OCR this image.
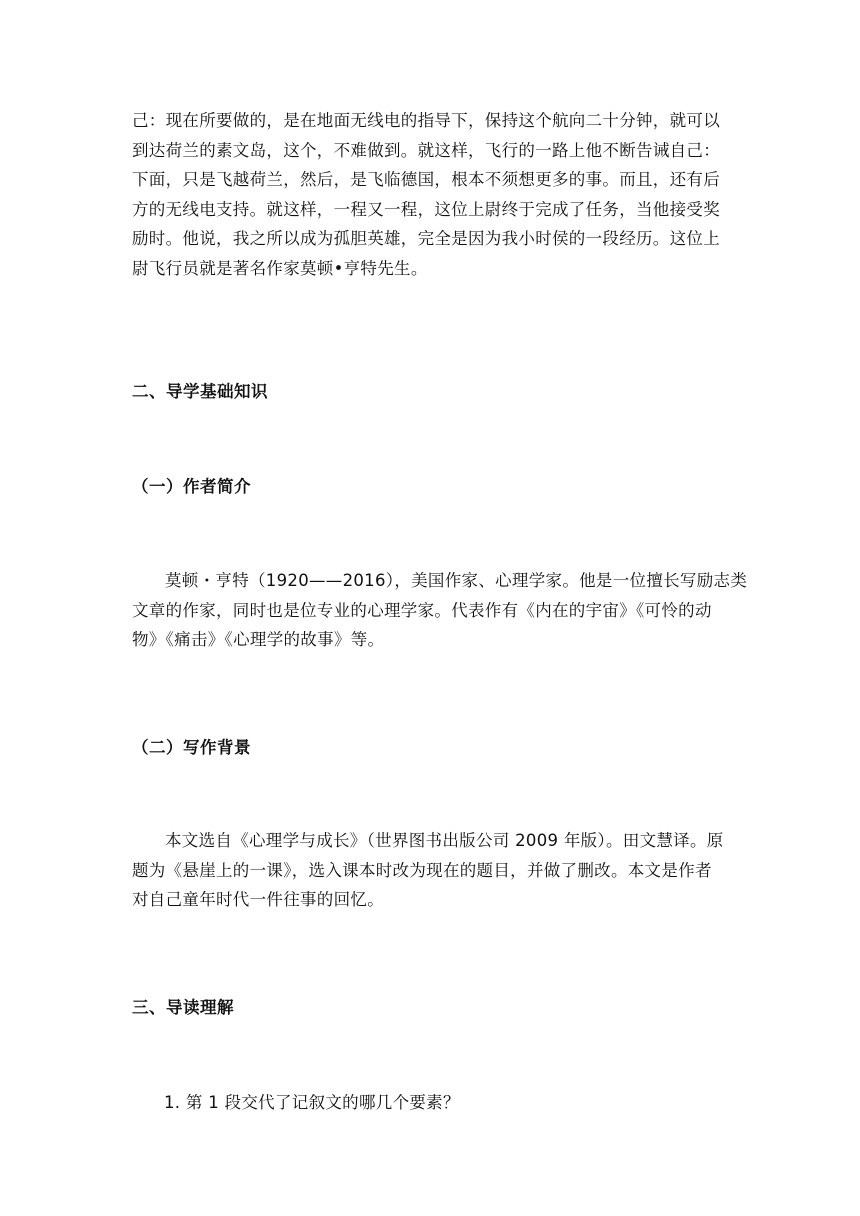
己：现在所要做的，是在地面无线电的指导下，保持这个航向二十分钟，就可以
到达荷兰的素文岛，这个，不难做到。就这样，飞行的一路上他不断告诫自己：
下面，只是飞越荷兰，然后，是飞临德国，根本不须想更多的事。而且，还有后
方的无线电支持。就这样，一程又一程，这位上尉终于完成了任务，当他接受奖
励时。他说，我之所以成为孤胆英雄，完全是因为我小时侯的一段经历。这位上
尉飞行员就是著名作家莫顿•亨特先生。
二、导学基础知识
（一）作者简介
莫顿・亨特（1920——2016），美国作家、心理学家。他是一位擅长写励志类
文章的作家，同时也是位专业的心理学家。代表作有《内在的宇宙》《可怜的动
物》《痛击》《心理学的故事》等。
（二）写作背景
本文选自《心理学与成长》（世界图书出版公司 2009 年版）。田文慧译。原
题为《悬崖上的一课》，选入课本时改为现在的题目，并做了删改。本文是作者
对自己童年时代一件往事的回忆。
三、导读理解

1. 第 1 段交代了记叙文的哪几个要素？
